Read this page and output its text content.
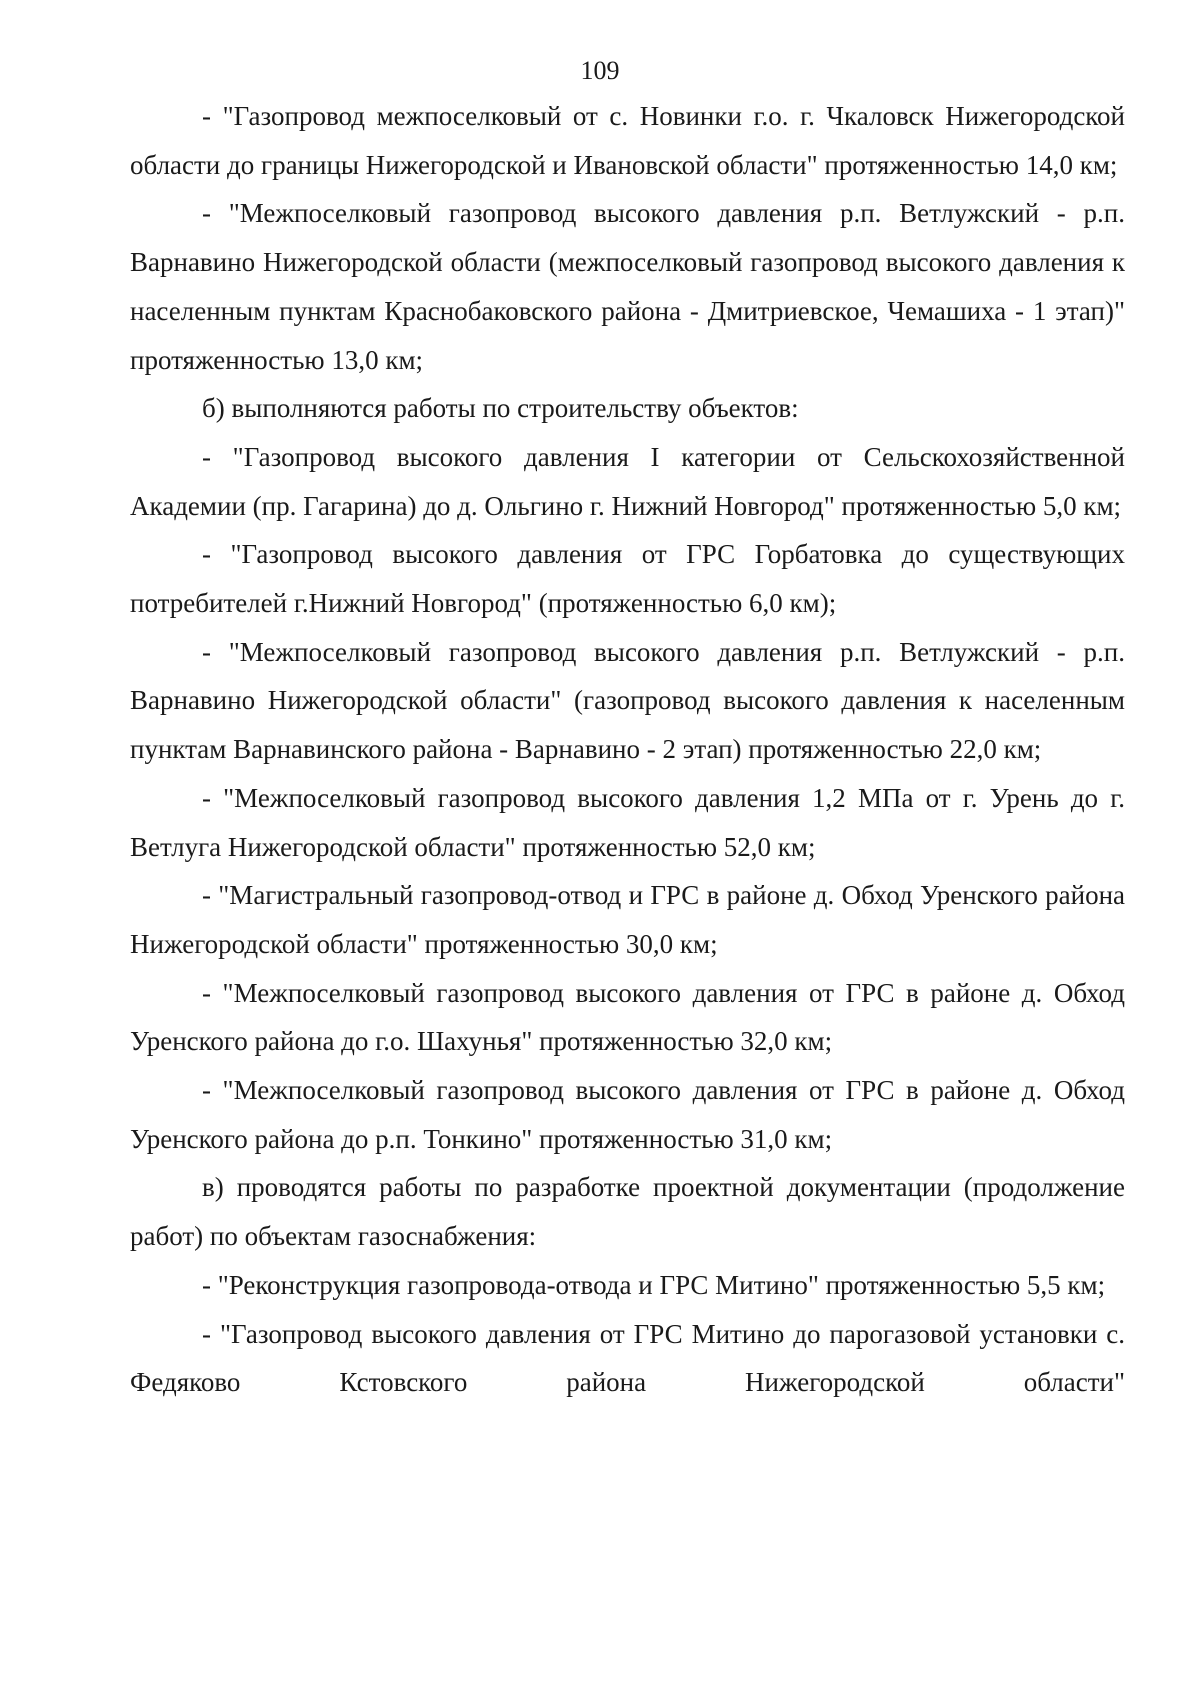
109

- "Газопровод межпоселковый от с. Новинки г.о. г. Чкаловск Нижегородской области до границы Нижегородской и Ивановской области" протяженностью 14,0 км;

- "Межпоселковый газопровод высокого давления р.п. Ветлужский - р.п. Варнавино Нижегородской области (межпоселковый газопровод высокого давления к населенным пунктам Краснобаковского района - Дмитриевское, Чемашиха - 1 этап)" протяженностью 13,0 км;

б) выполняются работы по строительству объектов:

- "Газопровод высокого давления I категории от Сельскохозяйственной Академии (пр. Гагарина) до д. Ольгино г. Нижний Новгород" протяженностью 5,0 км;

- "Газопровод высокого давления от ГРС Горбатовка до существующих потребителей г.Нижний Новгород" (протяженностью 6,0 км);

- "Межпоселковый газопровод высокого давления р.п. Ветлужский - р.п. Варнавино Нижегородской области" (газопровод высокого давления к населенным пунктам Варнавинского района - Варнавино - 2 этап) протяженностью 22,0 км;

- "Межпоселковый газопровод высокого давления 1,2 МПа от г. Урень до г. Ветлуга Нижегородской области" протяженностью 52,0 км;

- "Магистральный газопровод-отвод и ГРС в районе д. Обход Уренского района Нижегородской области" протяженностью 30,0 км;

- "Межпоселковый газопровод высокого давления от ГРС в районе д. Обход Уренского района до г.о. Шахунья" протяженностью 32,0 км;

- "Межпоселковый газопровод высокого давления от ГРС в районе д. Обход Уренского района до р.п. Тонкино" протяженностью 31,0 км;

в) проводятся работы по разработке проектной документации (продолжение работ) по объектам газоснабжения:

- "Реконструкция газопровода-отвода и ГРС Митино" протяженностью 5,5 км;

- "Газопровод высокого давления от ГРС Митино до парогазовой установки с. Федяково Кстовского района Нижегородской области"
